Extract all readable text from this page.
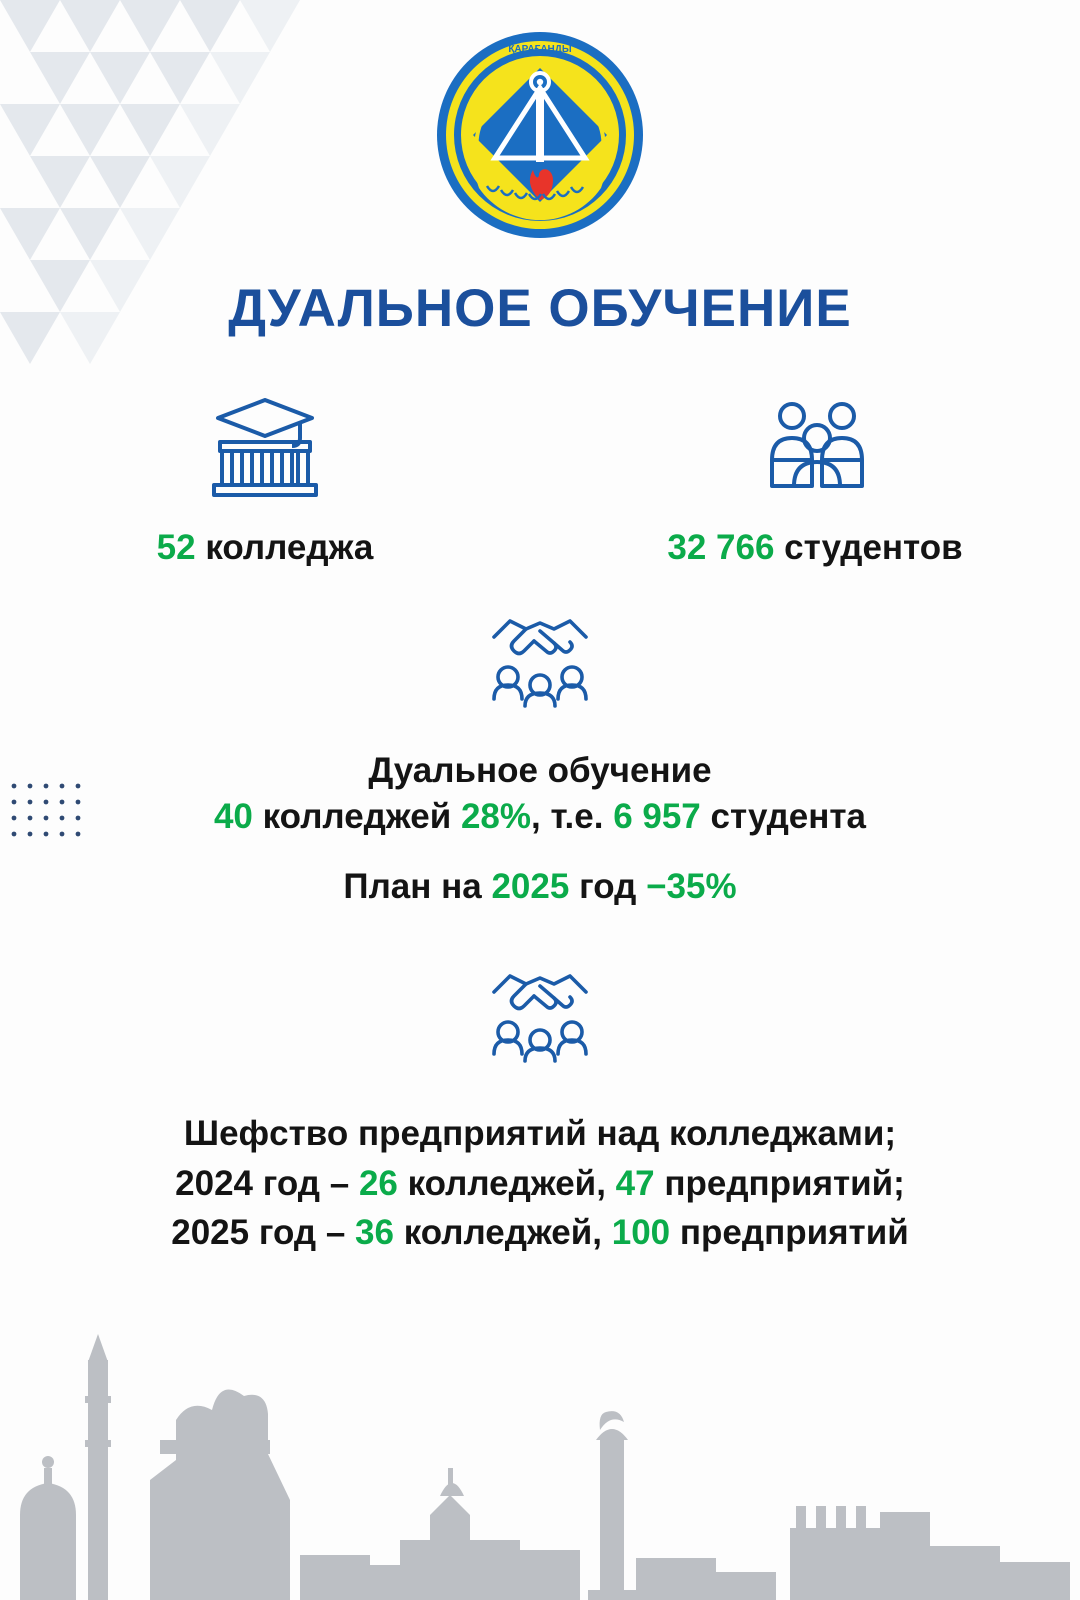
ҚАРАҒАНДЫ
ДУАЛЬНОЕ ОБУЧЕНИЕ
52 колледжа	32 766 студентов
Дуальное обучение
40 колледжей 28%, т.е. 6 957 студента
План на 2025 год −35%
Шефство предприятий над колледжами;
2024 год – 26 колледжей, 47 предприятий;
2025 год – 36 колледжей, 100 предприятий
